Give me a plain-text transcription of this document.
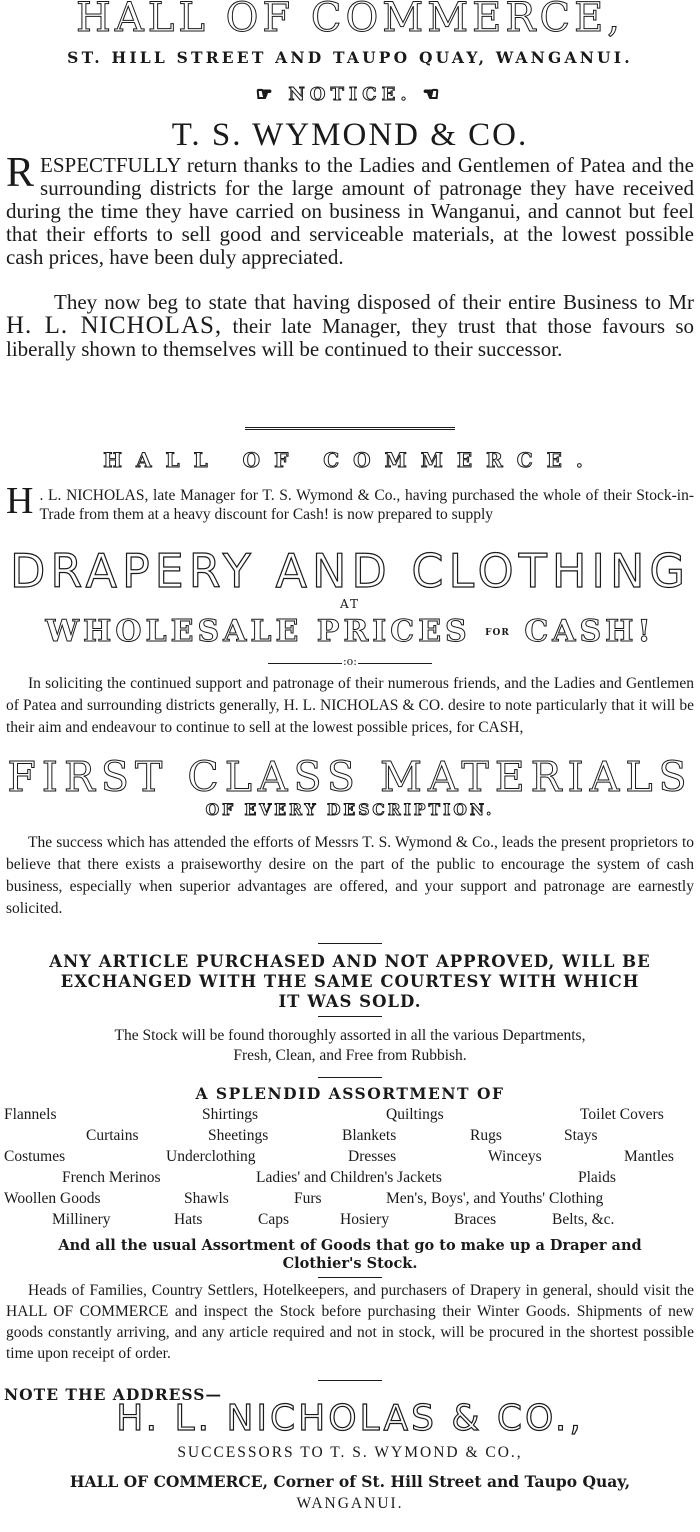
HALL OF COMMERCE,
ST. HILL STREET AND TAUPO QUAY, WANGANUI.
☞ NOTICE. ☜
T. S. WYMOND & CO.
RESPECTFULLY return thanks to the Ladies and Gentlemen of Patea and the surrounding districts for the large amount of patronage they have received during the time they have carried on business in Wanganui, and cannot but feel that their efforts to sell good and serviceable materials, at the lowest possible cash prices, have been duly appreciated.
They now beg to state that having disposed of their entire Business to Mr H. L. NICHOLAS, their late Manager, they trust that those favours so liberally shown to themselves will be continued to their successor.
HALL OF COMMERCE.
H . L. NICHOLAS, late Manager for T. S. Wymond & Co., having purchased the whole of their Stock-in-Trade from them at a heavy discount for Cash! is now prepared to supply
DRAPERY AND CLOTHING
AT
WHOLESALE PRICES FOR CASH!
:o:
In soliciting the continued support and patronage of their numerous friends, and the Ladies and Gentlemen of Patea and surrounding districts generally, H. L. NICHOLAS & CO. desire to note particularly that it will be their aim and endeavour to continue to sell at the lowest possible prices, for CASH,
FIRST CLASS MATERIALS
OF EVERY DESCRIPTION.
The success which has attended the efforts of Messrs T. S. Wymond & Co., leads the present proprietors to believe that there exists a praiseworthy desire on the part of the public to encourage the system of cash business, especially when superior advantages are offered, and your support and patronage are earnestly solicited.
ANY ARTICLE PURCHASED AND NOT APPROVED, WILL BE
EXCHANGED WITH THE SAME COURTESY WITH WHICH
IT WAS SOLD.
The Stock will be found thoroughly assorted in all the various Departments,
Fresh, Clean, and Free from Rubbish.
A SPLENDID ASSORTMENT OF
Flannels	Shirtings	Quiltings	Toilet Covers
Curtains	Sheetings	Blankets	Rugs	Stays
Costumes	Underclothing	Dresses	Winceys	Mantles
French Merinos	Ladies' and Children's Jackets	Plaids
Woollen Goods	Shawls	Furs	Men's, Boys', and Youths' Clothing
Millinery	Hats	Caps	Hosiery	Braces	Belts, &c.
And all the usual Assortment of Goods that go to make up a Draper and
Clothier's Stock.
Heads of Families, Country Settlers, Hotelkeepers, and purchasers of Drapery in general, should visit the HALL OF COMMERCE and inspect the Stock before purchasing their Winter Goods. Shipments of new goods constantly arriving, and any article required and not in stock, will be procured in the shortest possible time upon receipt of order.
NOTE THE ADDRESS—
H. L. NICHOLAS & CO.,
SUCCESSORS TO T. S. WYMOND & CO.,
HALL OF COMMERCE, Corner of St. Hill Street and Taupo Quay,
WANGANUI.
